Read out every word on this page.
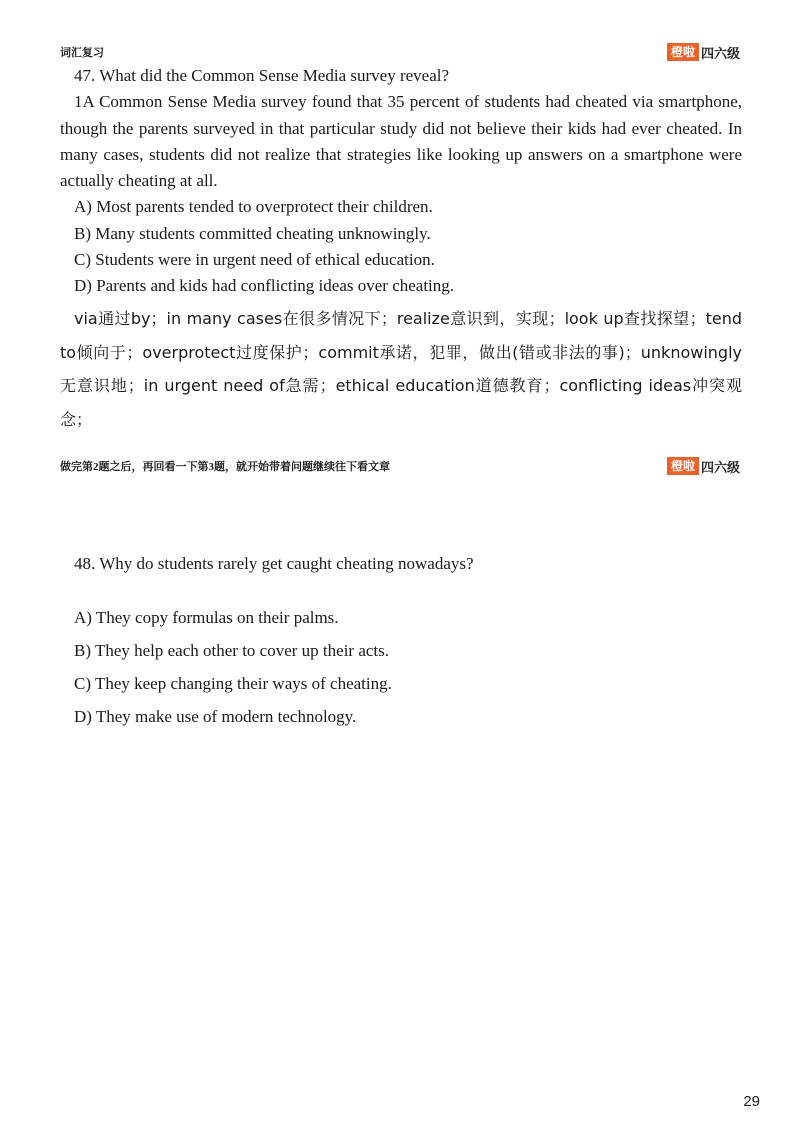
词汇复习	橙啦 四六级

47. What did the Common Sense Media survey reveal?

1A Common Sense Media survey found that 35 percent of students had cheated via smartphone, though the parents surveyed in that particular study did not believe their kids had ever cheated. In many cases, students did not realize that strategies like looking up answers on a smartphone were actually cheating at all.

A) Most parents tended to overprotect their children.

B) Many students committed cheating unknowingly.

C) Students were in urgent need of ethical education.

D) Parents and kids had conflicting ideas over cheating.

via通过by；in many cases在很多情况下；realize意识到，实现；look up查找探望；tend to倾向于；overprotect过度保护；commit承诺，犯罪，做出(错或非法的事)；unknowingly无意识地；in urgent need of急需；ethical education道德教育；conflicting ideas冲突观念；
做完第2题之后，再回看一下第3题，就开始带着问题继续往下看文章	橙啦 四六级

48. Why do students rarely get caught cheating nowadays?

A) They copy formulas on their palms.

B) They help each other to cover up their acts.

C) They keep changing their ways of cheating.

D) They make use of modern technology.

29
